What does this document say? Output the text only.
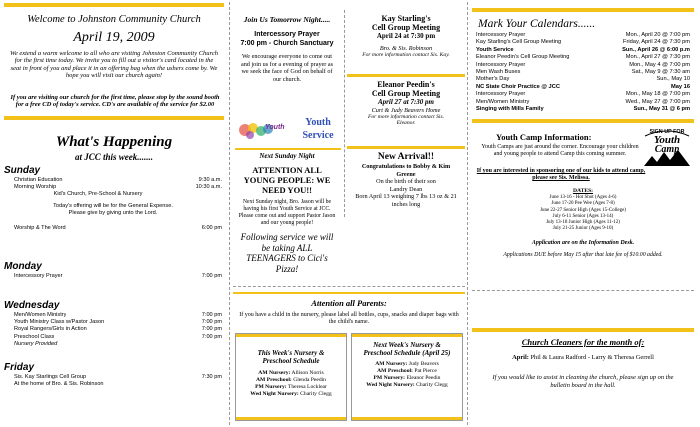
Welcome to Johnston Community Church
April 19, 2009
We extend a warm welcome to all who are visiting Johnston Community Church for the first time today. We invite you to fill out a visitor's card located in the seat in front of you and place it in an offering bag when the ushers come by. We hope you will visit our church again!
If you are visiting our church for the first time, please stop by the sound booth for a free CD of today's service. CD's are available of the service for $2.00
What's Happening
at JCC this week.......
Sunday
Christian Education	9:30 a.m.
Morning Worship	10:30 a.m.
Kid's Church, Pre-School & Nursery
Today's offering will be for the General Expense.
Please give by giving unto the Lord.
Worship & The Word	6:00 pm
Monday
Intercessory Prayer	7:00 pm
Wednesday
Men/Women Ministry	7:00 pm
Youth Ministry Class w/Pastor Jason	7:00 pm
Royal Rangers/Girls in Action	7:00 pm
Preschool Class	7:00 pm
Nursery Provided
Friday
Sis. Kay Starlings Cell Group	7:30 pm
At the home of Bro. & Sis. Robinson
Join Us Tomorrow Night.....
Intercessory Prayer
7:00 pm - Church Sanctuary
We encourage everyone to come out and join us for a evening of prayer as we seek the face of God on behalf of our church.
Kay Starling's
Cell Group Meeting
April 24 at 7:30 pm
Bro. & Sis. Robinson
For more information contact Sis. Kay.
Eleanor Peedin's
Cell Group Meeting
April 27 at 7:30 pm
Curt & Judy Beavers Home
For more information contact Sis. Eleanor.
Youth	Youth
Service
Next Sunday Night
ATTENTION ALL YOUNG PEOPLE: WE NEED YOU!!
Next Sunday night, Bro. Jason will be having his first Youth Service at JCC. Please come out and support Pastor Jason and our young people!
Following service we will be taking ALL TEENAGERS to Cici's Pizza!
New Arrival!!
Congratulations to Bobby & Kim Greene
On the birth of their son
Landry Dean
Born April 13 weighing 7 lbs 13 oz & 21 inches long
Attention all Parents:
If you have a child in the nursery, please label all bottles, cups, snacks and diaper bags with the child's name.
This Week's Nursery & Preschool Schedule
AM Nursery: Allison Norris
AM Preschool: Glenda Peedin
PM Nursery: Theresa Locklear
Wed Night Nursery: Charity Clegg
Next Week's Nursery & Preschool Schedule (April 25)
AM Nursery: Judy Beavers
AM Preschool: Pat Pierce
PM Nursery: Eleanor Peedin
Wed Night Nursery: Charity Clegg
Mark Your Calendars......
Intercessory Prayer	Mon., April 20 @ 7:00 pm
Kay Starling's Cell Group Meeting	Friday, April 24 @ 7:30 pm
Youth Service	Sun., April 26 @ 6:00 p.m
Eleanor Peedin's Cell Group Meeting	Mon., April 27 @ 7:30 pm
Intercessory Prayer	Mon., May 4 @ 7:00 pm
Men Wash Buses	Sat., May 9 @ 7:30 am
Mother's Day	Sun., May 10
NC State Choir Practice @ JCC	May 16
Intercessory Prayer	Mon., May 18 @ 7:00 pm
Men/Women Ministry	Wed., May 27 @ 7:00 pm
Singing with Mills Family	Sun., May 31 @ 6 pm
Youth Camp Information:	SIGN UP FOR
Youth
Camp
Youth Camps are just around the corner. Encourage your children and young people to attend Camp this coming summer.
If you are interested in sponsoring one of our kids to attend camp, please see Sis. Melissa.
DATES:
June 13-16 - Hot Shot (Ages 4-6)
June 17-20 Pee Wee (Ages 7-8)
June 22-27 Senior High (Ages 15-College)
July 6-11 Senior (Ages 13-14)
July 13-18 Junior High (Ages 11-12)
July 21-25 Junior (Ages 9-10)
Application are on the Information Desk.
Applications DUE before May 15 after that late fee of $10.00 added.
Church Cleaners for the month of:
April: Phil & Laura Radford - Larry & Theresa Gerrell
If you would like to assist in cleaning the church, please sign up on the bulletin board in the hall.
